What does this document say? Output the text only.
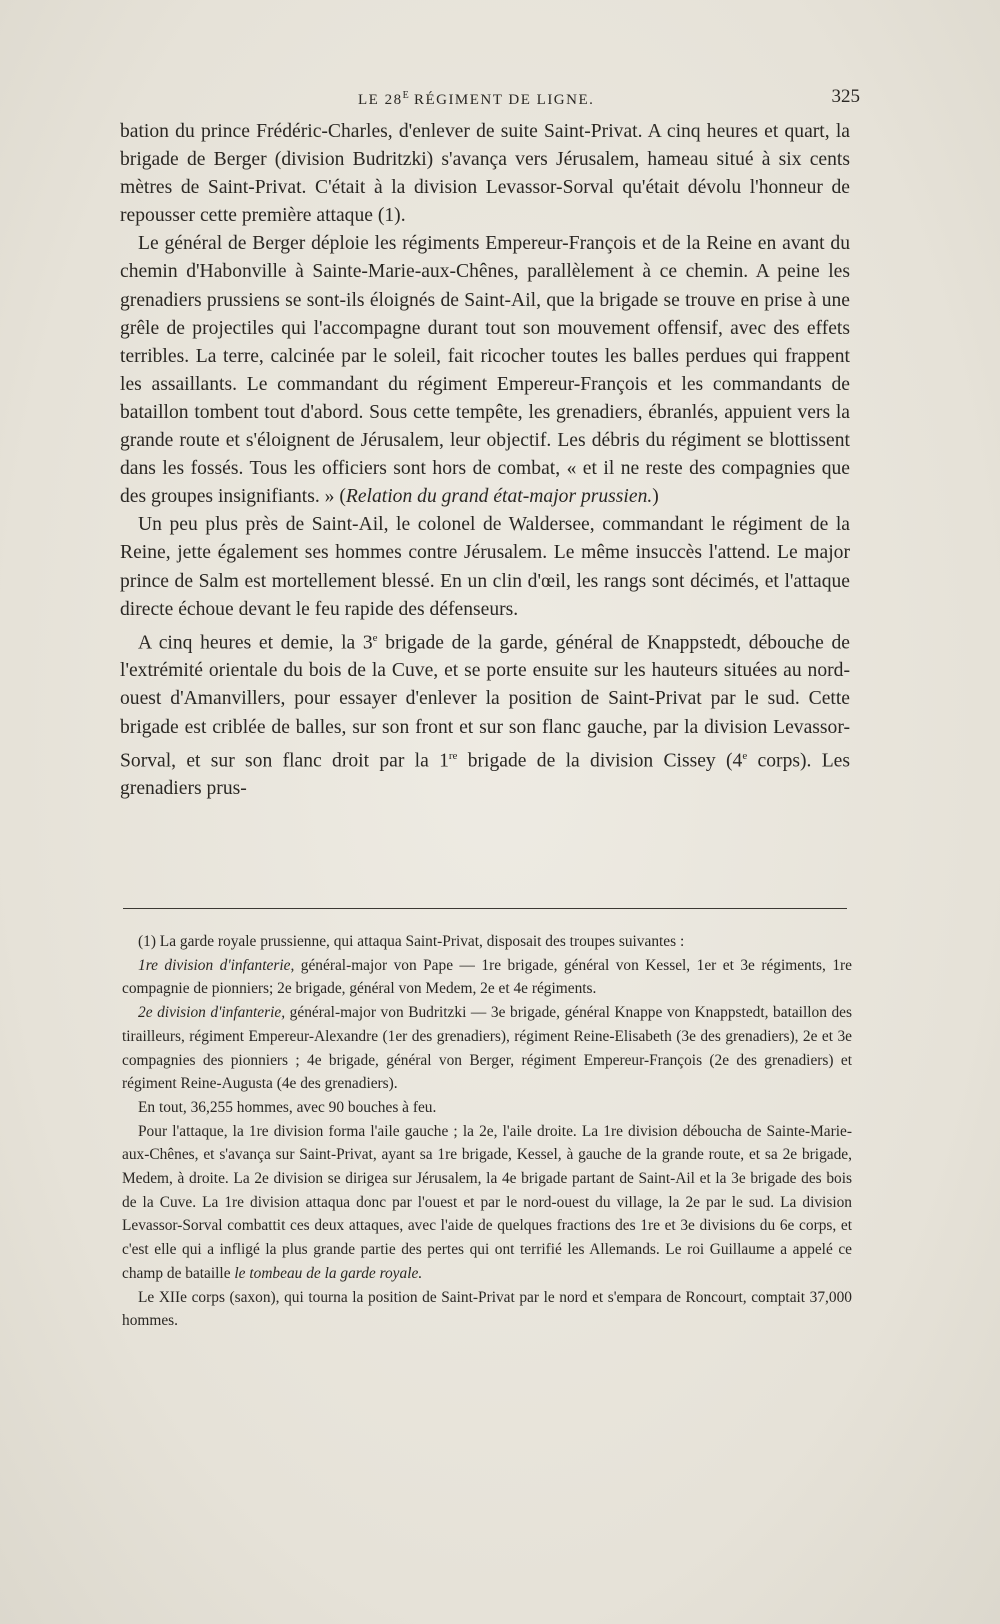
LE $28^E$ RÉGIMENT DE LIGNE.	325

bation du prince Frédéric-Charles, d'enlever de suite Saint-Privat. A cinq heures et quart, la brigade de Berger (division Budritzki) s'avança vers Jérusalem, hameau situé à six cents mètres de Saint-Privat. C'était à la division Levassor-Sorval qu'était dévolu l'honneur de repousser cette première attaque (1).

Le général de Berger déploie les régiments Empereur-François et de la Reine en avant du chemin d'Habonville à Sainte-Marie-aux-Chênes, parallèlement à ce chemin. A peine les grenadiers prussiens se sont-ils éloignés de Saint-Ail, que la brigade se trouve en prise à une grêle de projectiles qui l'accompagne durant tout son mouvement offensif, avec des effets terribles. La terre, calcinée par le soleil, fait ricocher toutes les balles perdues qui frappent les assaillants. Le commandant du régiment Empereur-François et les commandants de bataillon tombent tout d'abord. Sous cette tempête, les grenadiers, ébranlés, appuient vers la grande route et s'éloignent de Jérusalem, leur objectif. Les débris du régiment se blottissent dans les fossés. Tous les officiers sont hors de combat, « et il ne reste des compagnies que des groupes insignifiants. » (Relation du grand état-major prussien.)

Un peu plus près de Saint-Ail, le colonel de Waldersee, commandant le régiment de la Reine, jette également ses hommes contre Jérusalem. Le même insuccès l'attend. Le major prince de Salm est mortellement blessé. En un clin d'œil, les rangs sont décimés, et l'attaque directe échoue devant le feu rapide des défenseurs.

A cinq heures et demie, la 3e brigade de la garde, général de Knappstedt, débouche de l'extrémité orientale du bois de la Cuve, et se porte ensuite sur les hauteurs situées au nord-ouest d'Amanvillers, pour essayer d'enlever la position de Saint-Privat par le sud. Cette brigade est criblée de balles, sur son front et sur son flanc gauche, par la division Levassor-Sorval, et sur son flanc droit par la 1re brigade de la division Cissey (4e corps). Les grenadiers prus-

(1) La garde royale prussienne, qui attaqua Saint-Privat, disposait des troupes suivantes :

1re division d'infanterie, général-major von Pape — 1re brigade, général von Kessel, 1er et 3e régiments, 1re compagnie de pionniers; 2e brigade, général von Medem, 2e et 4e régiments.

2e division d'infanterie, général-major von Budritzki — 3e brigade, général Knappe von Knappstedt, bataillon des tirailleurs, régiment Empereur-Alexandre (1er des grenadiers), régiment Reine-Elisabeth (3e des grenadiers), 2e et 3e compagnies des pionniers ; 4e brigade, général von Berger, régiment Empereur-François (2e des grenadiers) et régiment Reine-Augusta (4e des grenadiers).

En tout, 36,255 hommes, avec 90 bouches à feu.

Pour l'attaque, la 1re division forma l'aile gauche ; la 2e, l'aile droite. La 1re division déboucha de Sainte-Marie-aux-Chênes, et s'avança sur Saint-Privat, ayant sa 1re brigade, Kessel, à gauche de la grande route, et sa 2e brigade, Medem, à droite. La 2e division se dirigea sur Jérusalem, la 4e brigade partant de Saint-Ail et la 3e brigade des bois de la Cuve. La 1re division attaqua donc par l'ouest et par le nord-ouest du village, la 2e par le sud. La division Levassor-Sorval combattit ces deux attaques, avec l'aide de quelques fractions des 1re et 3e divisions du 6e corps, et c'est elle qui a infligé la plus grande partie des pertes qui ont terrifié les Allemands. Le roi Guillaume a appelé ce champ de bataille le tombeau de la garde royale.

Le XIIe corps (saxon), qui tourna la position de Saint-Privat par le nord et s'empara de Roncourt, comptait 37,000 hommes.
